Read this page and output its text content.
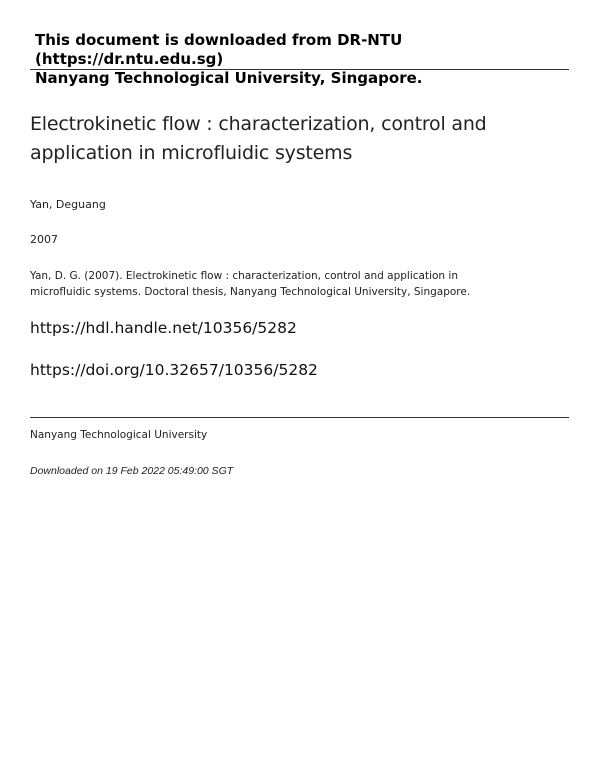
This document is downloaded from DR‑NTU (https://dr.ntu.edu.sg)
Nanyang Technological University, Singapore.
Electrokinetic flow : characterization, control and
application in microfluidic systems
Yan, Deguang
2007
Yan, D. G. (2007). Electrokinetic flow : characterization, control and application in
microfluidic systems. Doctoral thesis, Nanyang Technological University, Singapore.
https://hdl.handle.net/10356/5282
https://doi.org/10.32657/10356/5282
Nanyang Technological University
Downloaded on 19 Feb 2022 05:49:00 SGT
